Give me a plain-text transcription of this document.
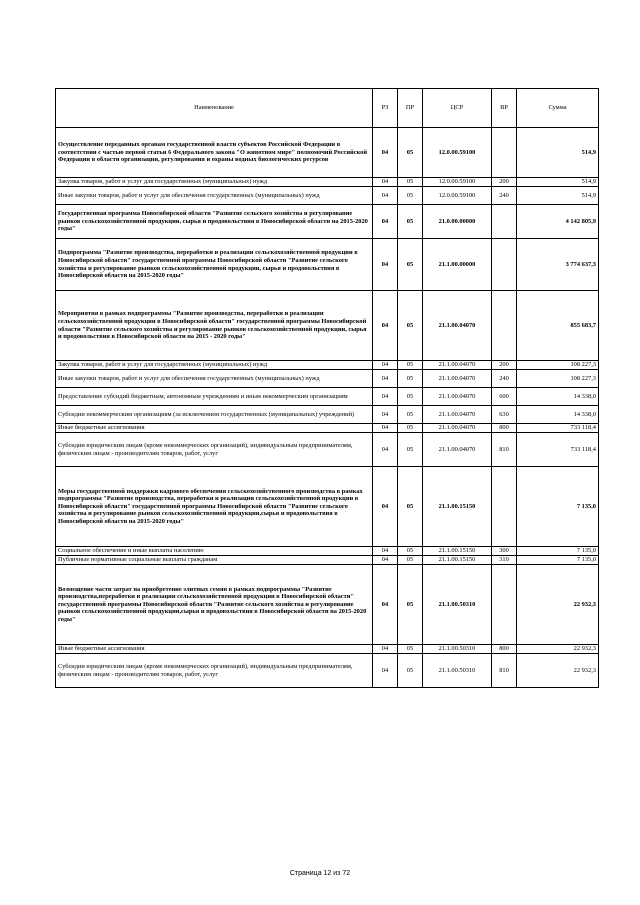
Наименование	РЗ	ПР	ЦСР	ВР	Сумма
Осуществление переданных органам государственной власти субъектов Российской Федерации в соответствии с частью первой статьи 6 Федерального закона "О животном мире" полномочий Российской Федерации в области организации, регулирования и охраны водных биологических ресурсов	04	05	12.0.00.59100		514,9
Закупка товаров, работ и услуг для государственных (муниципальных) нужд	04	05	12.0.00.59100	200	514,9
Иные закупки товаров, работ и услуг для обеспечения государственных (муниципальных) нужд	04	05	12.0.00.59100	240	514,9
Государственная программа Новосибирской области "Развитие сельского хозяйства и регулирование рынков сельскохозяйственной продукции, сырья и продовольствия в Новосибирской области на 2015-2020 годы"	04	05	21.0.00.00000		4 142 805,9
Подпрограмма "Развитие производства, переработки и реализации сельскохозяйственной продукции в Новосибирской области" государственной программы Новосибирской области "Развитие сельского хозяйства и регулирование рынков сельскохозяйственной продукции, сырья и продовольствия в Новосибирской области на 2015-2020 годы"	04	05	21.1.00.00000		3 774 637,3
Мероприятия в рамках подпрограммы "Развитие производства, переработки и реализации сельскохозяйственной продукции в Новосибирской области" государственной программы Новосибирской области "Развитие сельского хозяйства и регулирование рынков сельскохозяйственной продукции, сырья и продовольствия в Новосибирской области на 2015 - 2020 годы"	04	05	21.1.00.04070		855 683,7
Закупка товаров, работ и услуг для государственных (муниципальных) нужд	04	05	21.1.00.04070	200	108 227,3
Иные закупки товаров, работ и услуг для обеспечения государственных (муниципальных) нужд	04	05	21.1.00.04070	240	108 227,3
Предоставление субсидий бюджетным, автономным учреждениям и иным некоммерческим организациям	04	05	21.1.00.04070	600	14 338,0
Субсидии некоммерческим организациям (за исключением государственных (муниципальных) учреждений)	04	05	21.1.00.04070	630	14 338,0
Иные бюджетные ассигнования	04	05	21.1.00.04070	800	733 118,4
Субсидии юридическим лицам (кроме некоммерческих организаций), индивидуальным предпринимателям, физическим лицам - производителям товаров, работ, услуг	04	05	21.1.00.04070	810	733 118,4
Меры государственной поддержки кадрового обеспечения сельскохозяйственного производства в рамках подпрограммы "Развитие производства, переработки и реализации сельскохозяйственной продукции в Новосибирской области" государственной программы Новосибирской области "Развитие сельского хозяйства и регулирование рынков сельскохозяйственной продукции,сырья и продовольствия в Новосибирской области на 2015-2020 годы"	04	05	21.1.00.15150		7 135,0
Социальное обеспечение и иные выплаты населению	04	05	21.1.00.15150	300	7 135,0
Публичные нормативные социальные выплаты гражданам	04	05	21.1.00.15150	310	7 135,0
Возмещение части затрат на приобретение элитных семян в рамках подпрограммы "Развитие производства,переработки и реализации сельскохозяйственной продукции в Новосибирской области" государственной программы Новосибирской области "Развитие сельского хозяйства и регулирование рынков сельскохозяйственной продукции,сырья и продовольствия в Новосибирской области на 2015-2020 годы"	04	05	21.1.00.50310		22 932,3
Иные бюджетные ассигнования	04	05	21.1.00.50310	800	22 932,3
Субсидии юридическим лицам (кроме некоммерческих организаций), индивидуальным предпринимателям, физическим лицам - производителям товаров, работ, услуг	04	05	21.1.00.50310	810	22 932,3
Страница 12 из 72
